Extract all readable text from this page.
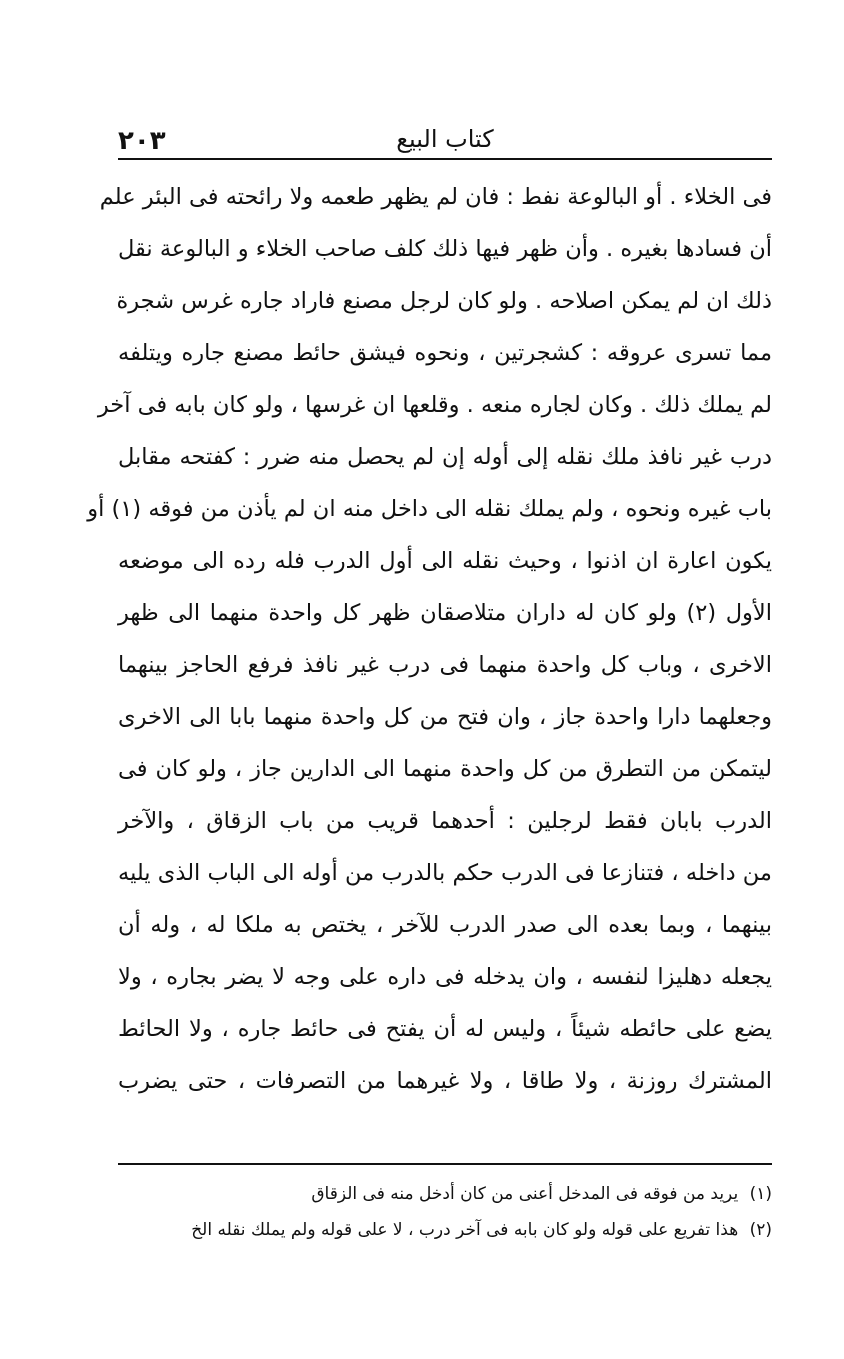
٢٠٣	كتاب البيع
فى الخلاء . أو البالوعة نفط : فان لم يظهر طعمه ولا رائحته فى البئر علم
أن فسادها بغيره . وأن ظهر فيها ذلك كلف صاحب الخلاء و البالوعة نقل
ذلك ان لم يمكن اصلاحه . ولو كان لرجل مصنع فاراد جاره غرس شجرة
مما تسرى عروقه : كشجرتين ، ونحوه فيشق حائط مصنع جاره ويتلفه
لم يملك ذلك . وكان لجاره منعه . وقلعها ان غرسها ، ولو كان بابه فى آخر
درب غير نافذ ملك نقله إلى أوله إن لم يحصل منه ضرر : كفتحه مقابل
باب غيره ونحوه ، ولم يملك نقله الى داخل منه ان لم يأذن من فوقه (١) أو
يكون اعارة ان اذنوا ، وحيث نقله الى أول الدرب فله رده الى موضعه
الأول (٢) ولو كان له داران متلاصقان ظهر كل واحدة منهما الى ظهر
الاخرى ، وباب كل واحدة منهما فى درب غير نافذ فرفع الحاجز بينهما
وجعلهما دارا واحدة جاز ، وان فتح من كل واحدة منهما بابا الى الاخرى
ليتمكن من التطرق من كل واحدة منهما الى الدارين جاز ، ولو كان فى
الدرب بابان فقط لرجلين : أحدهما قريب من باب الزقاق ، والآخر
من داخله ، فتنازعا فى الدرب حكم بالدرب من أوله الى الباب الذى يليه
بينهما ، وبما بعده الى صدر الدرب للآخر ، يختص به ملكا له ، وله أن
يجعله دهليزا لنفسه ، وان يدخله فى داره على وجه لا يضر بجاره ، ولا
يضع على حائطه شيئاً ، وليس له أن يفتح فى حائط جاره ، ولا الحائط
المشترك روزنة ، ولا طاقا ، ولا غيرهما من التصرفات ، حتى يضرب
(١) يريد من فوقه فى المدخل أعنى من كان أدخل منه فى الزقاق
(٢) هذا تفريع على قوله ولو كان بابه فى آخر درب ، لا على قوله ولم يملك نقله الخ
